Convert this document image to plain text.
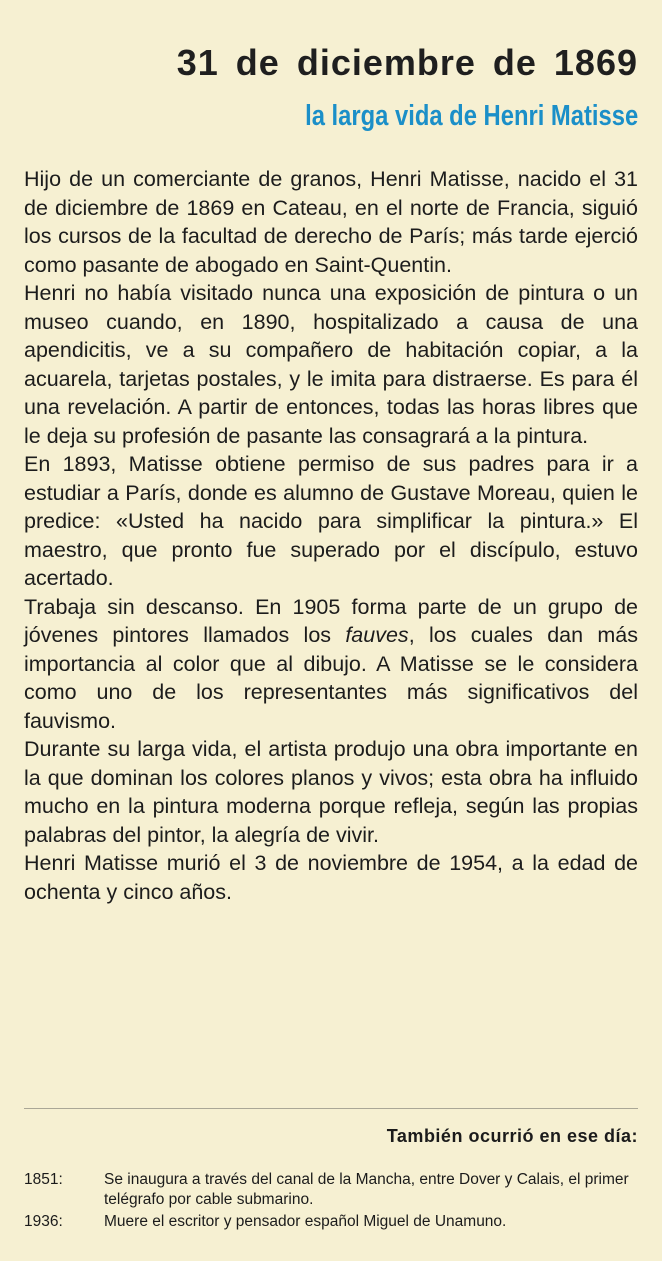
31 de diciembre de 1869
la larga vida de Henri Matisse

Hijo de un comerciante de granos, Henri Matisse, nacido el 31 de diciembre de 1869 en Cateau, en el norte de Francia, siguió los cursos de la facultad de derecho de París; más tarde ejerció como pasante de abogado en Saint-Quentin.

Henri no había visitado nunca una exposición de pintura o un museo cuando, en 1890, hospitalizado a causa de una apendicitis, ve a su compañero de habitación copiar, a la acuarela, tarjetas postales, y le imita para distraerse. Es para él una revelación. A partir de entonces, todas las horas libres que le deja su profesión de pasante las consagrará a la pintura.

En 1893, Matisse obtiene permiso de sus padres para ir a estudiar a París, donde es alumno de Gustave Moreau, quien le predice: «Usted ha nacido para simplificar la pintura.» El maestro, que pronto fue superado por el discípulo, estuvo acertado.

Trabaja sin descanso. En 1905 forma parte de un grupo de jóvenes pintores llamados los fauves, los cuales dan más importancia al color que al dibujo. A Matisse se le considera como uno de los representantes más significativos del fauvismo.

Durante su larga vida, el artista produjo una obra importante en la que dominan los colores planos y vivos; esta obra ha influido mucho en la pintura moderna porque refleja, según las propias palabras del pintor, la alegría de vivir.

Henri Matisse murió el 3 de noviembre de 1954, a la edad de ochenta y cinco años.

También ocurrió en ese día:
1851:	Se inaugura a través del canal de la Mancha, entre Dover y Calais, el primer telégrafo por cable submarino.
1936:	Muere el escritor y pensador español Miguel de Unamuno.
